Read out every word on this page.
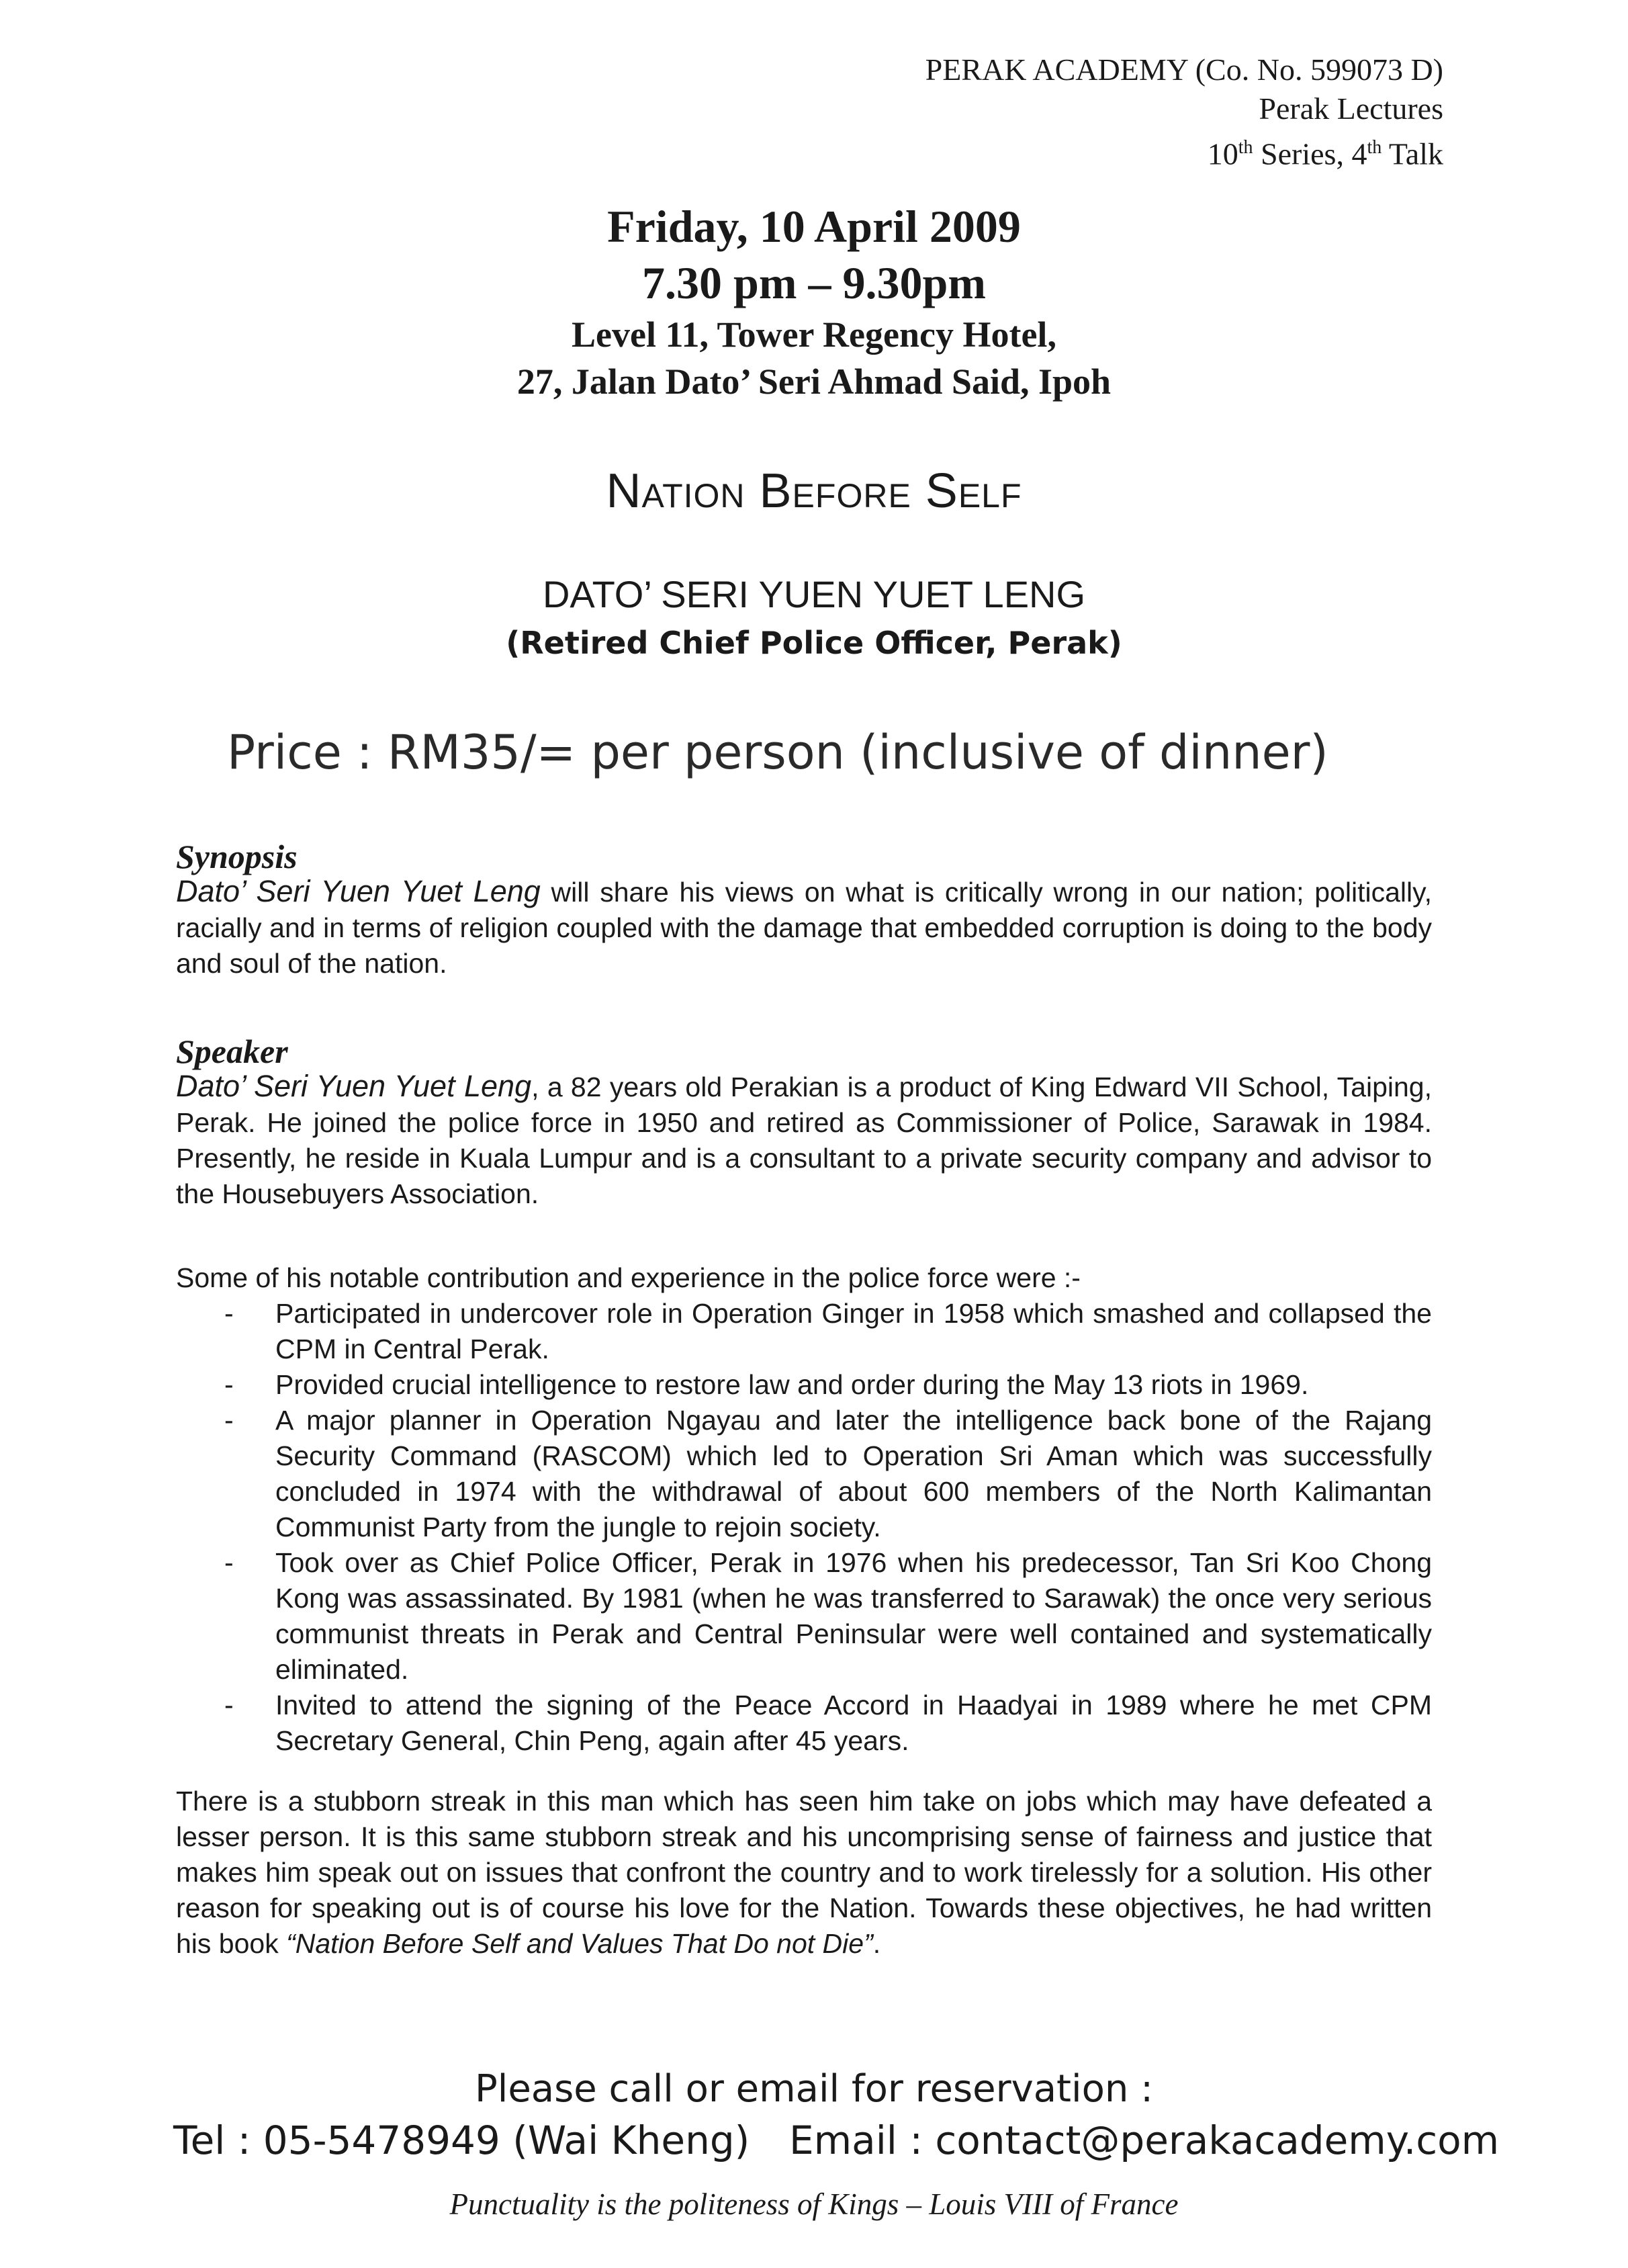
PERAK ACADEMY (Co. No. 599073 D)
Perak Lectures
10th Series, 4th Talk
Friday, 10 April 2009
7.30 pm – 9.30pm
Level 11, Tower Regency Hotel,
27, Jalan Dato’ Seri Ahmad Said, Ipoh
Nation Before Self
DATO’ SERI YUEN YUET LENG
(Retired Chief Police Officer, Perak)
Price : RM35/= per person (inclusive of dinner)
Synopsis
Dato’ Seri Yuen Yuet Leng will share his views on what is critically wrong in our nation; politically, racially and in terms of religion coupled with the damage that embedded corruption is doing to the body and soul of the nation.
Speaker
Dato’ Seri Yuen Yuet Leng, a 82 years old Perakian is a product of King Edward VII School, Taiping, Perak. He joined the police force in 1950 and retired as Commissioner of Police, Sarawak in 1984. Presently, he reside in Kuala Lumpur and is a consultant to a private security company and advisor to the Housebuyers Association.
Some of his notable contribution and experience in the police force were :-
- Participated in undercover role in Operation Ginger in 1958 which smashed and collapsed the CPM in Central Perak.
- Provided crucial intelligence to restore law and order during the May 13 riots in 1969.
- A major planner in Operation Ngayau and later the intelligence back bone of the Rajang Security Command (RASCOM) which led to Operation Sri Aman which was successfully concluded in 1974 with the withdrawal of about 600 members of the North Kalimantan Communist Party from the jungle to rejoin society.
- Took over as Chief Police Officer, Perak in 1976 when his predecessor, Tan Sri Koo Chong Kong was assassinated. By 1981 (when he was transferred to Sarawak) the once very serious communist threats in Perak and Central Peninsular were well contained and systematically eliminated.
- Invited to attend the signing of the Peace Accord in Haadyai in 1989 where he met CPM Secretary General, Chin Peng, again after 45 years.
There is a stubborn streak in this man which has seen him take on jobs which may have defeated a lesser person. It is this same stubborn streak and his uncomprising sense of fairness and justice that makes him speak out on issues that confront the country and to work tirelessly for a solution. His other reason for speaking out is of course his love for the Nation. Towards these objectives, he had written his book “Nation Before Self and Values That Do not Die”.
Please call or email for reservation :
Tel : 05-5478949 (Wai Kheng) Email : contact@perakacademy.com
Punctuality is the politeness of Kings – Louis VIII of France
